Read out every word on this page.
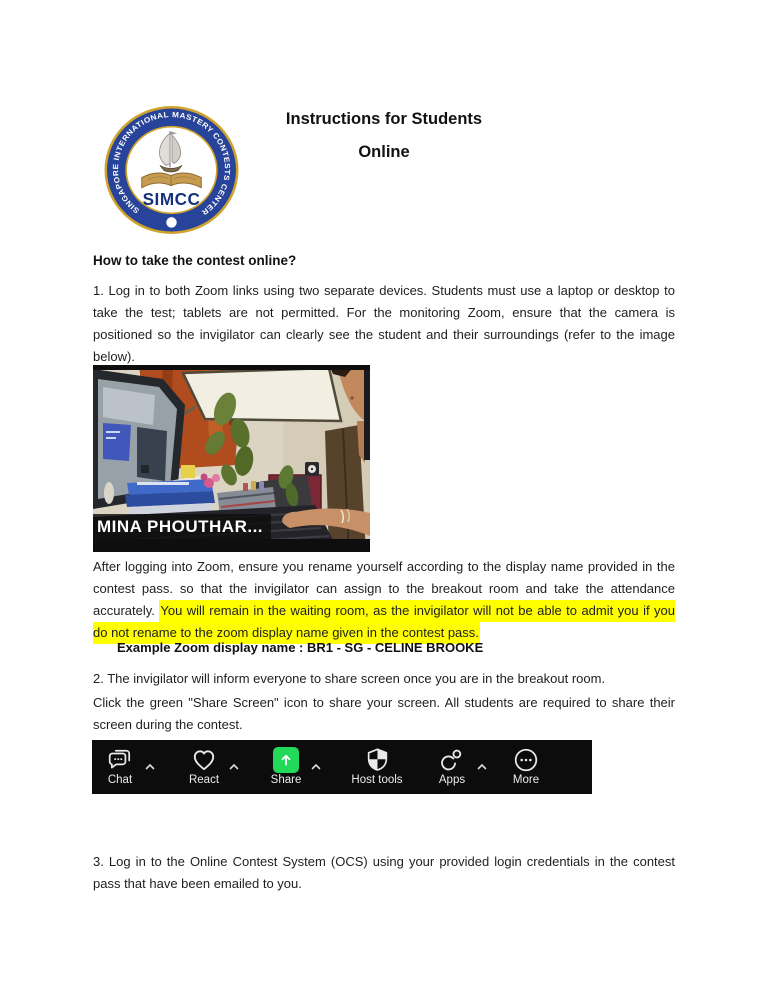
SINGAPORE INTERNATIONAL MASTERY CONTESTS CENTER
SIMCC
Instructions for Students
Online
How to take the contest online?
1. Log in to both Zoom links using two separate devices. Students must use a laptop or desktop to take the test; tablets are not permitted. For the monitoring Zoom, ensure that the camera is positioned so the invigilator can clearly see the student and their surroundings (refer to the image below).
MINA PHOUTHAR...
After logging into Zoom, ensure you rename yourself according to the display name provided in the contest pass. so that the invigilator can assign to the breakout room and take the attendance accurately. You will remain in the waiting room, as the invigilator will not be able to admit you if you do not rename to the zoom display name given in the contest pass.
Example Zoom display name : BR1 - SG - CELINE BROOKE
2. The invigilator will inform everyone to share screen once you are in the breakout room.
Click the green "Share Screen" icon to share your screen. All students are required to share their screen during the contest.
Chat	React	Share	Host tools	Apps	More
3. Log in to the Online Contest System (OCS) using your provided login credentials in the contest pass that have been emailed to you.
